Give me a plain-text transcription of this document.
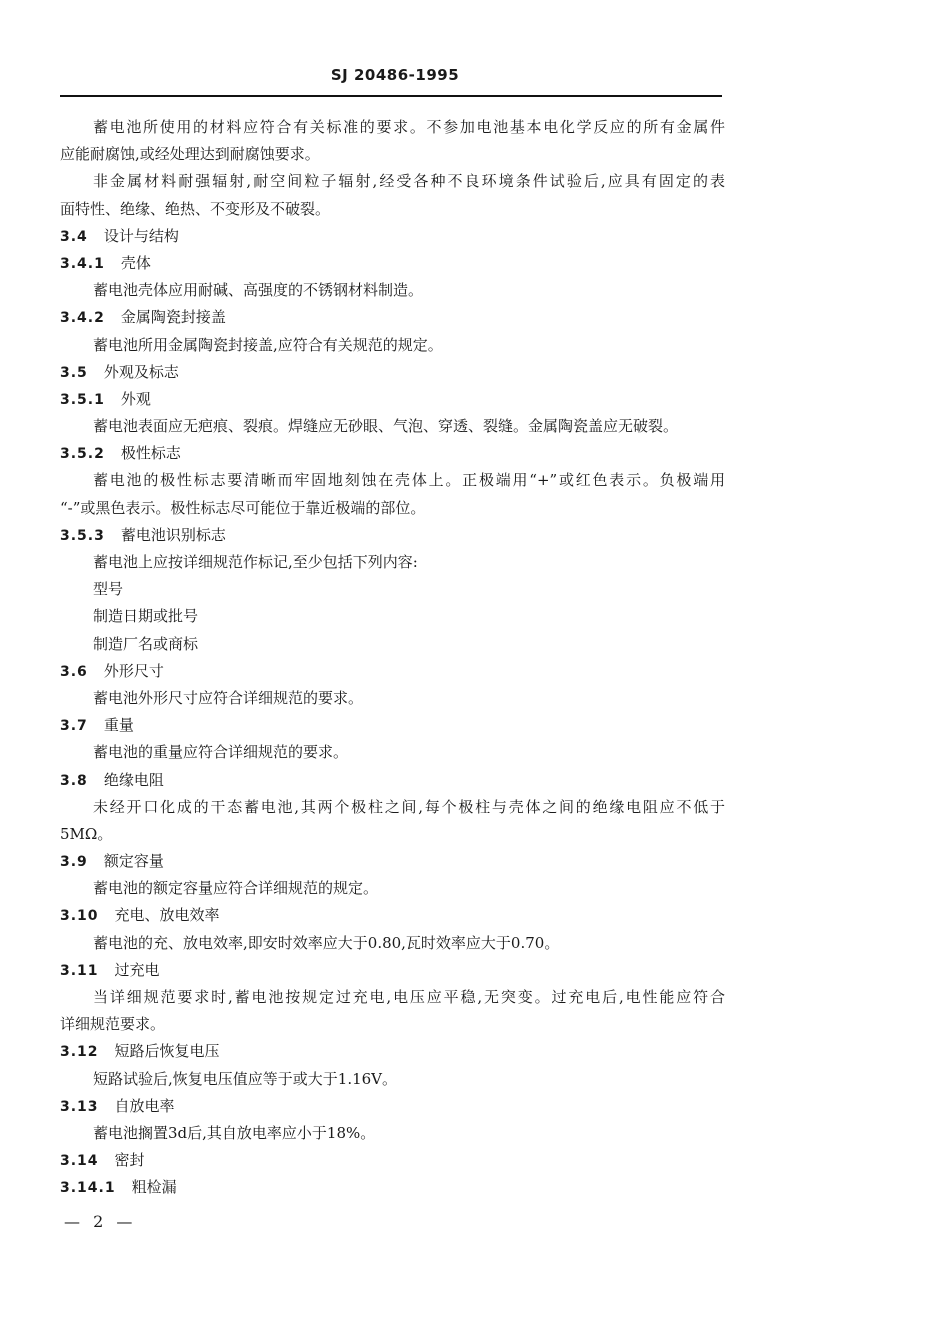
SJ 20486-1995
蓄电池所使用的材料应符合有关标准的要求。不参加电池基本电化学反应的所有金属件
应能耐腐蚀,或经处理达到耐腐蚀要求。
非金属材料耐强辐射,耐空间粒子辐射,经受各种不良环境条件试验后,应具有固定的表
面特性、绝缘、绝热、不变形及不破裂。
3.4 设计与结构
3.4.1 壳体
蓄电池壳体应用耐碱、高强度的不锈钢材料制造。
3.4.2 金属陶瓷封接盖
蓄电池所用金属陶瓷封接盖,应符合有关规范的规定。
3.5 外观及标志
3.5.1 外观
蓄电池表面应无疤痕、裂痕。焊缝应无砂眼、气泡、穿透、裂缝。金属陶瓷盖应无破裂。
3.5.2 极性标志
蓄电池的极性标志要清晰而牢固地刻蚀在壳体上。正极端用“+”或红色表示。负极端用
“-”或黑色表示。极性标志尽可能位于靠近极端的部位。
3.5.3 蓄电池识别标志
蓄电池上应按详细规范作标记,至少包括下列内容:
型号
制造日期或批号
制造厂名或商标
3.6 外形尺寸
蓄电池外形尺寸应符合详细规范的要求。
3.7 重量
蓄电池的重量应符合详细规范的要求。
3.8 绝缘电阻
未经开口化成的干态蓄电池,其两个极柱之间,每个极柱与壳体之间的绝缘电阻应不低于
5MΩ。
3.9 额定容量
蓄电池的额定容量应符合详细规范的规定。
3.10 充电、放电效率
蓄电池的充、放电效率,即安时效率应大于0.80,瓦时效率应大于0.70。
3.11 过充电
当详细规范要求时,蓄电池按规定过充电,电压应平稳,无突变。过充电后,电性能应符合
详细规范要求。
3.12 短路后恢复电压
短路试验后,恢复电压值应等于或大于1.16V。
3.13 自放电率
蓄电池搁置3d后,其自放电率应小于18%。
3.14 密封
3.14.1 粗检漏
— 2 —
